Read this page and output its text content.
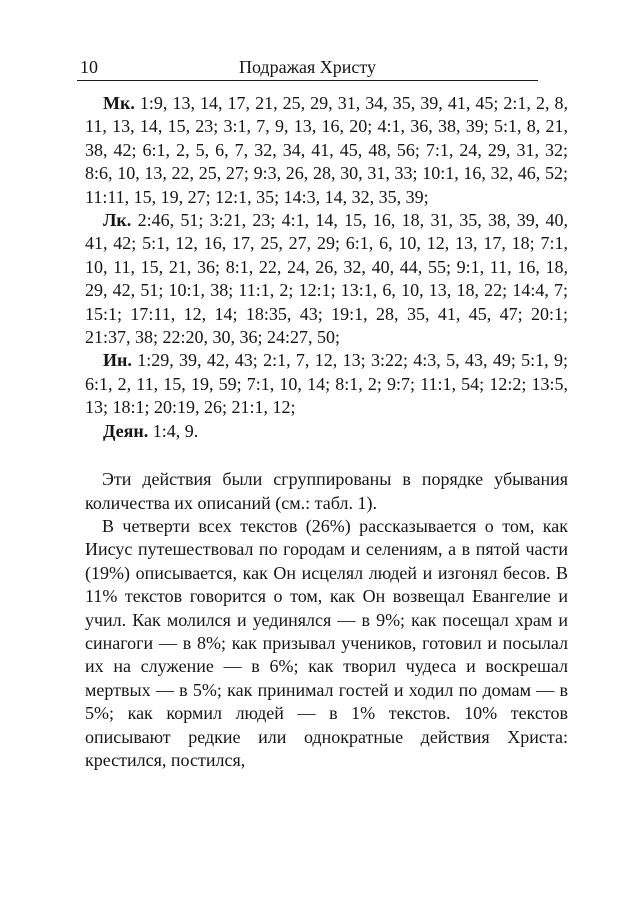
10	Подражая Христу

Мк. 1:9, 13, 14, 17, 21, 25, 29, 31, 34, 35, 39, 41, 45; 2:1, 2, 8, 11, 13, 14, 15, 23; 3:1, 7, 9, 13, 16, 20; 4:1, 36, 38, 39; 5:1, 8, 21, 38, 42; 6:1, 2, 5, 6, 7, 32, 34, 41, 45, 48, 56; 7:1, 24, 29, 31, 32; 8:6, 10, 13, 22, 25, 27; 9:3, 26, 28, 30, 31, 33; 10:1, 16, 32, 46, 52; 11:11, 15, 19, 27; 12:1, 35; 14:3, 14, 32, 35, 39;

Лк. 2:46, 51; 3:21, 23; 4:1, 14, 15, 16, 18, 31, 35, 38, 39, 40, 41, 42; 5:1, 12, 16, 17, 25, 27, 29; 6:1, 6, 10, 12, 13, 17, 18; 7:1, 10, 11, 15, 21, 36; 8:1, 22, 24, 26, 32, 40, 44, 55; 9:1, 11, 16, 18, 29, 42, 51; 10:1, 38; 11:1, 2; 12:1; 13:1, 6, 10, 13, 18, 22; 14:4, 7; 15:1; 17:11, 12, 14; 18:35, 43; 19:1, 28, 35, 41, 45, 47; 20:1; 21:37, 38; 22:20, 30, 36; 24:27, 50;

Ин. 1:29, 39, 42, 43; 2:1, 7, 12, 13; 3:22; 4:3, 5, 43, 49; 5:1, 9; 6:1, 2, 11, 15, 19, 59; 7:1, 10, 14; 8:1, 2; 9:7; 11:1, 54; 12:2; 13:5, 13; 18:1; 20:19, 26; 21:1, 12;

Деян. 1:4, 9.

Эти действия были сгруппированы в порядке убывания количества их описаний (см.: табл. 1).

В четверти всех текстов (26%) рассказывается о том, как Иисус путешествовал по городам и селениям, а в пятой части (19%) описывается, как Он исцелял людей и изгонял бесов. В 11% текстов говорится о том, как Он возвещал Евангелие и учил. Как молился и уединялся — в 9%; как посещал храм и синагоги — в 8%; как призывал учеников, готовил и посылал их на служение — в 6%; как творил чудеса и воскрешал мертвых — в 5%; как принимал гостей и ходил по домам — в 5%; как кормил людей — в 1% текстов. 10% текстов описывают редкие или однократные действия Христа: крестился, постился,
